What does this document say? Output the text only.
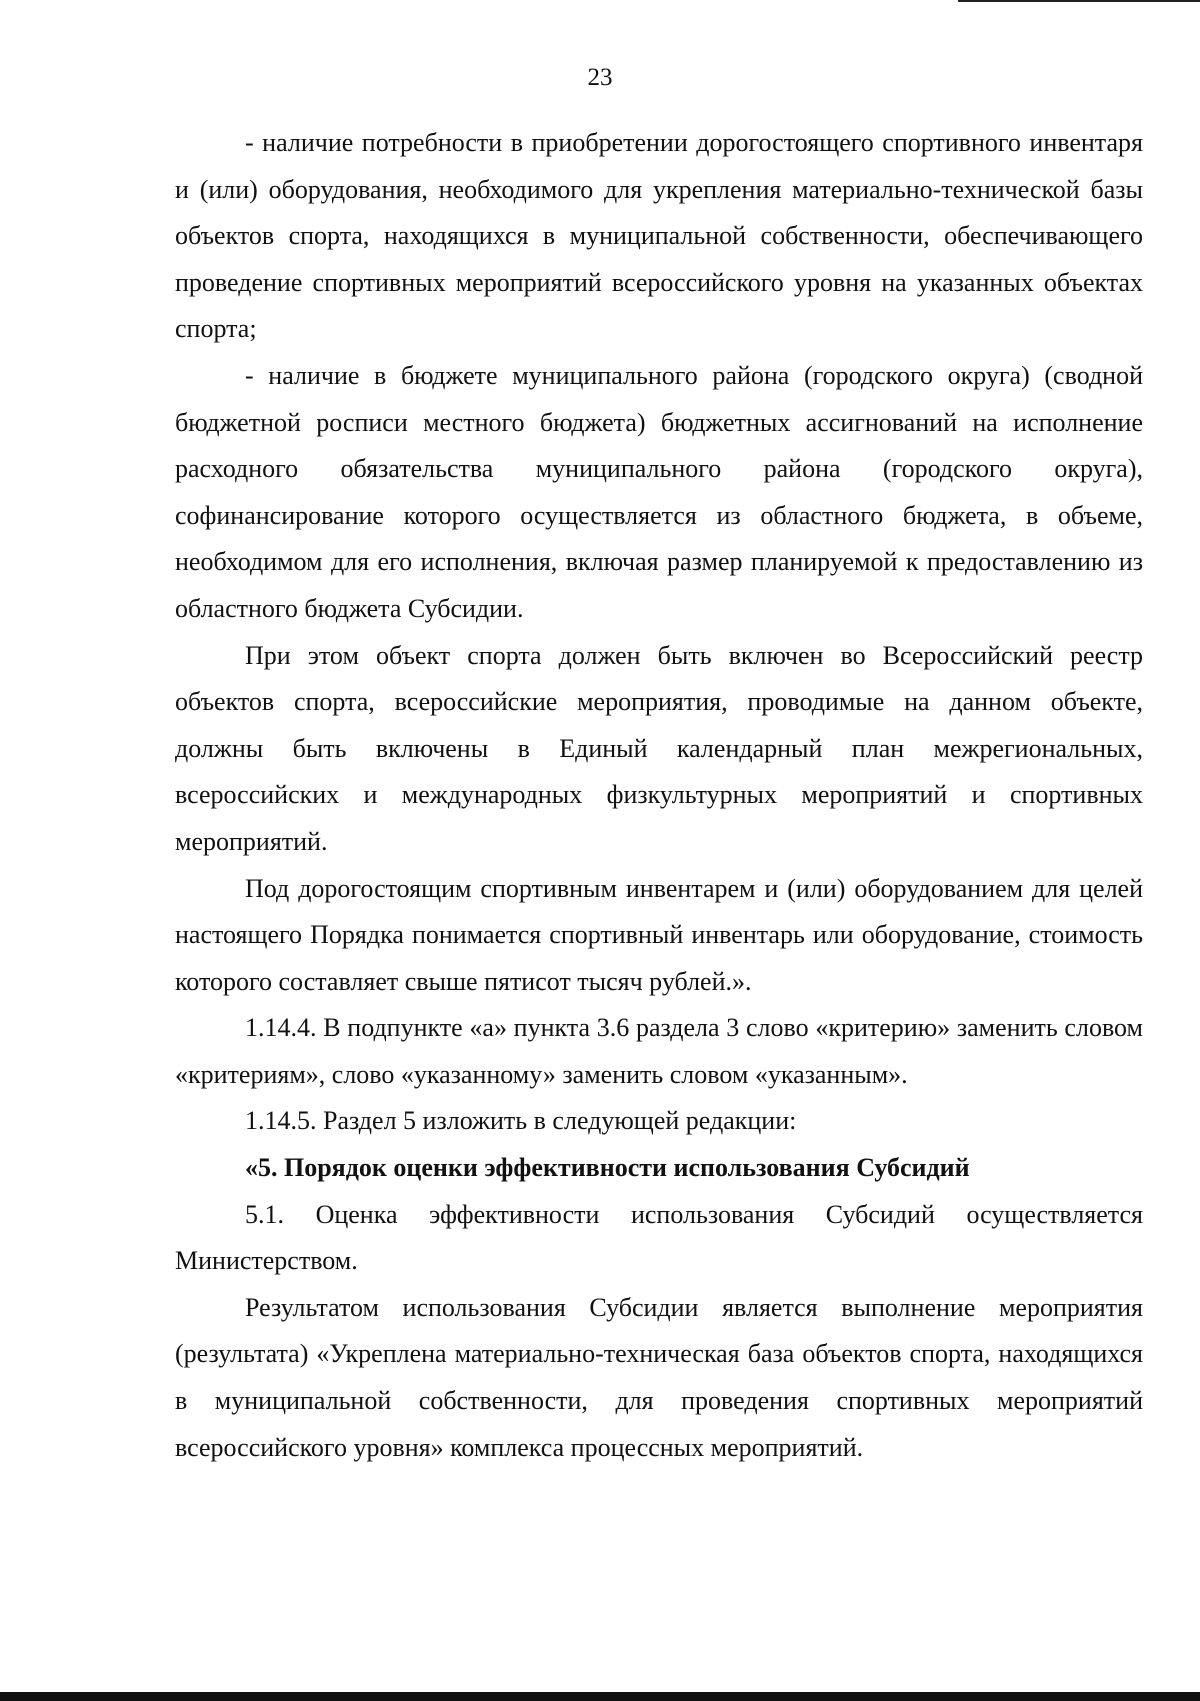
23

- наличие потребности в приобретении дорогостоящего спортивного инвентаря и (или) оборудования, необходимого для укрепления материально-технической базы объектов спорта, находящихся в муниципальной собственности, обеспечивающего проведение спортивных мероприятий всероссийского уровня на указанных объектах спорта;

- наличие в бюджете муниципального района (городского округа) (сводной бюджетной росписи местного бюджета) бюджетных ассигнований на исполнение расходного обязательства муниципального района (городского округа), софинансирование которого осуществляется из областного бюджета, в объеме, необходимом для его исполнения, включая размер планируемой к предоставлению из областного бюджета Субсидии.

При этом объект спорта должен быть включен во Всероссийский реестр объектов спорта, всероссийские мероприятия, проводимые на данном объекте, должны быть включены в Единый календарный план межрегиональных, всероссийских и международных физкультурных мероприятий и спортивных мероприятий.

Под дорогостоящим спортивным инвентарем и (или) оборудованием для целей настоящего Порядка понимается спортивный инвентарь или оборудование, стоимость которого составляет свыше пятисот тысяч рублей.».

1.14.4. В подпункте «а» пункта 3.6 раздела 3 слово «критерию» заменить словом «критериям», слово «указанному» заменить словом «указанным».

1.14.5. Раздел 5 изложить в следующей редакции:

«5. Порядок оценки эффективности использования Субсидий

5.1. Оценка эффективности использования Субсидий осуществляется Министерством.

Результатом использования Субсидии является выполнение мероприятия (результата) «Укреплена материально-техническая база объектов спорта, находящихся в муниципальной собственности, для проведения спортивных мероприятий всероссийского уровня» комплекса процессных мероприятий.
